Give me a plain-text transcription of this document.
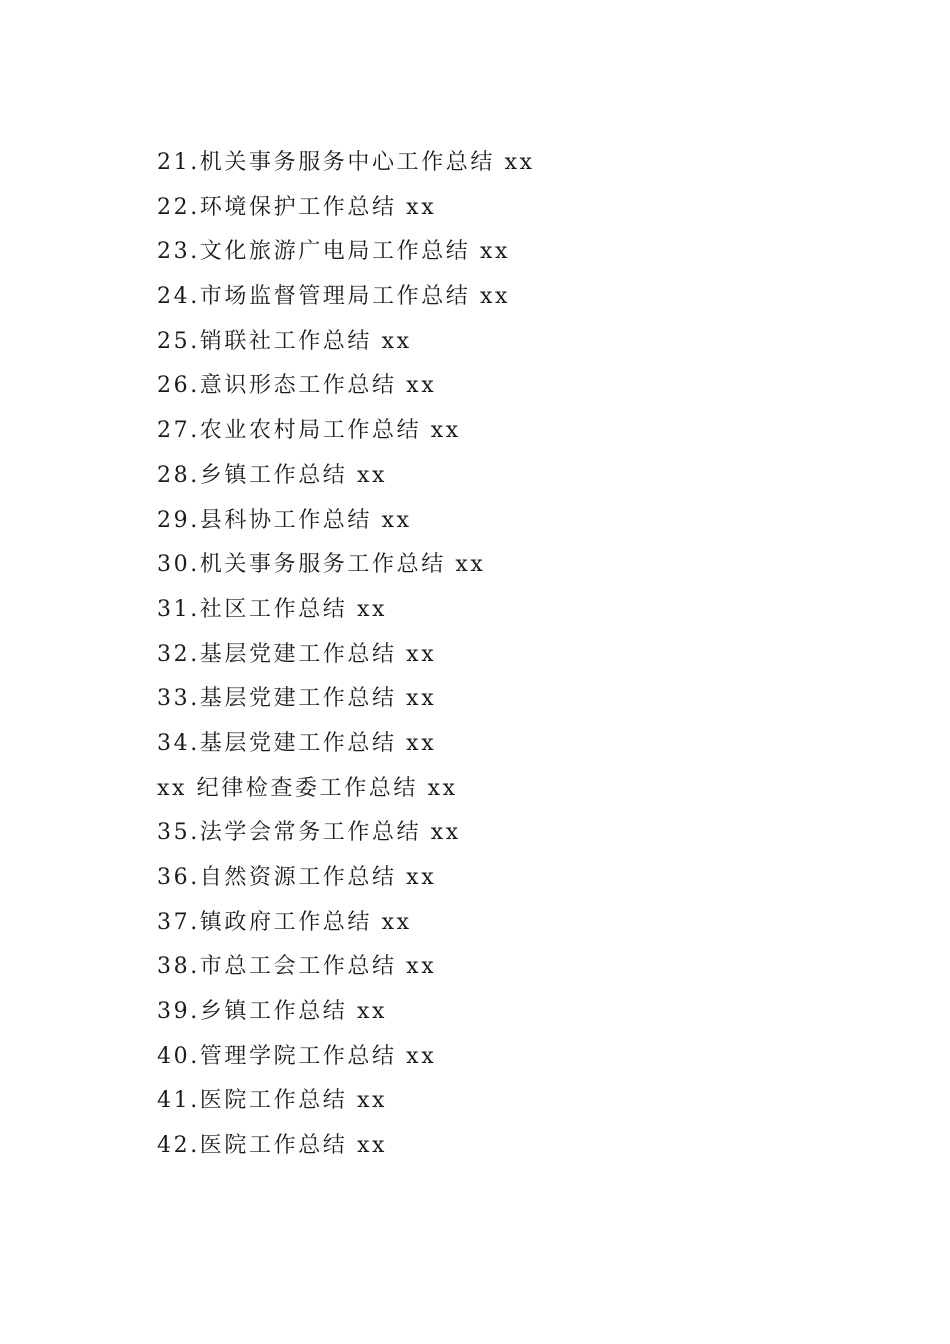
21.机关事务服务中心工作总结 xx
22.环境保护工作总结 xx
23.文化旅游广电局工作总结 xx
24.市场监督管理局工作总结 xx
25.销联社工作总结 xx
26.意识形态工作总结 xx
27.农业农村局工作总结 xx
28.乡镇工作总结 xx
29.县科协工作总结 xx
30.机关事务服务工作总结 xx
31.社区工作总结 xx
32.基层党建工作总结 xx
33.基层党建工作总结 xx
34.基层党建工作总结 xx
xx 纪律检查委工作总结 xx
35.法学会常务工作总结 xx
36.自然资源工作总结 xx
37.镇政府工作总结 xx
38.市总工会工作总结 xx
39.乡镇工作总结 xx
40.管理学院工作总结 xx
41.医院工作总结 xx
42.医院工作总结 xx
